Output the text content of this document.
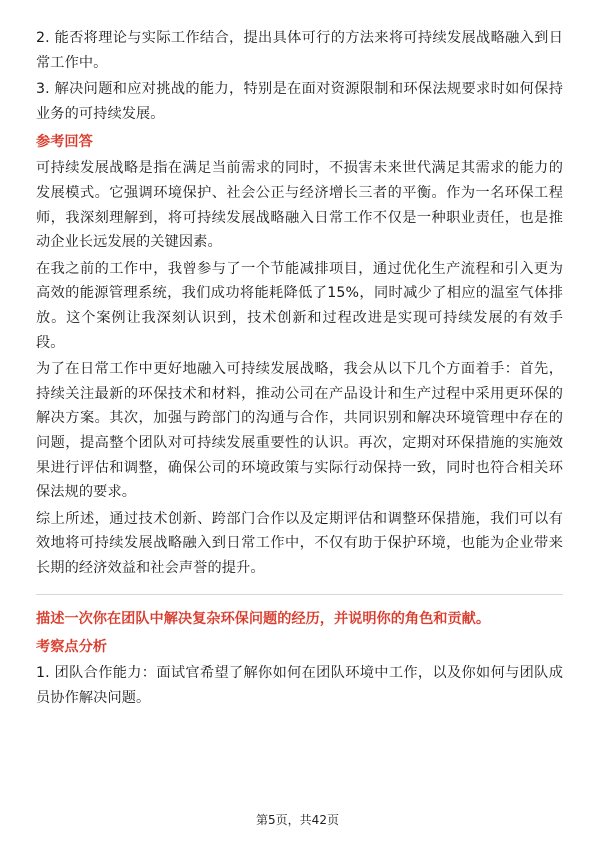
2. 能否将理论与实际工作结合，提出具体可行的方法来将可持续发展战略融入到日常工作中。

3. 解决问题和应对挑战的能力，特别是在面对资源限制和环保法规要求时如何保持业务的可持续发展。

参考回答

可持续发展战略是指在满足当前需求的同时，不损害未来世代满足其需求的能力的发展模式。它强调环境保护、社会公正与经济增长三者的平衡。作为一名环保工程师，我深刻理解到，将可持续发展战略融入日常工作不仅是一种职业责任，也是推动企业长远发展的关键因素。

在我之前的工作中，我曾参与了一个节能减排项目，通过优化生产流程和引入更为高效的能源管理系统，我们成功将能耗降低了15%，同时减少了相应的温室气体排放。这个案例让我深刻认识到，技术创新和过程改进是实现可持续发展的有效手段。

为了在日常工作中更好地融入可持续发展战略，我会从以下几个方面着手：首先，持续关注最新的环保技术和材料，推动公司在产品设计和生产过程中采用更环保的解决方案。其次，加强与跨部门的沟通与合作，共同识别和解决环境管理中存在的问题，提高整个团队对可持续发展重要性的认识。再次，定期对环保措施的实施效果进行评估和调整，确保公司的环境政策与实际行动保持一致，同时也符合相关环保法规的要求。

综上所述，通过技术创新、跨部门合作以及定期评估和调整环保措施，我们可以有效地将可持续发展战略融入到日常工作中，不仅有助于保护环境，也能为企业带来长期的经济效益和社会声誉的提升。

描述一次你在团队中解决复杂环保问题的经历，并说明你的角色和贡献。
考察点分析

1. 团队合作能力：面试官希望了解你如何在团队环境中工作，以及你如何与团队成员协作解决问题。

第5页，共42页
